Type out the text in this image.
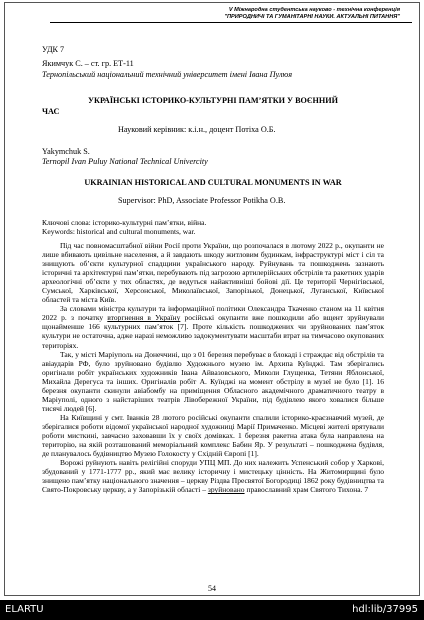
V Міжнародна студентська науково - технічна конференція
"ПРИРОДНИЧІ ТА ГУМАНІТАРНІ НАУКИ. АКТУАЛЬНІ ПИТАННЯ"
УДК 7
Якимчук С. – ст. гр. ЕТ-11
Тернопільський національний технічний університет імені Івана Пулюя
УКРАЇНСЬКІ ІСТОРИКО-КУЛЬТУРНІ ПАМ’ЯТКИ У ВОЄННИЙ
ЧАС
Науковий керівник: к.і.н., доцент Потіха О.Б.
Yakymchuk S.
Ternopil Ivan Puluy National Technical Univercity
UKRAINIAN HISTORICAL AND CULTURAL MONUMENTS IN WAR
Supervisor: PhD, Associate Professor Potikha O.B.
Ключові слова: історико-культурні пам’ятки, війна.
Keywords: historical and cultural monuments, war.

Під час повномасштабної війни Росії проти України, що розпочалася в лютому 2022 р., окупанти не лише вбивають цивільне населення, а й завдають шкоду житловим будинкам, інфраструктурі міст і сіл та знищують об’єкти культурної спадщини українського народу. Руйнувань та пошкоджень зазнають історичні та архітектурні пам’ятки, перебувають під загрозою артилерійських обстрілів та ракетних ударів археологічні об’єкти у тих областях, де ведуться найактивніші бойові дії. Це території Чернігівської, Сумської, Харківської, Херсонської, Миколаївської, Запорізької, Донецької, Луганської, Київської областей та міста Київ.

За словами міністра культури та інформаційної політики Олександра Ткаченко станом на 11 квітня 2022 р. з початку вторгнення в Україну російські окупанти вже пошкодили або вщент зруйнували щонайменше 166 культурних пам’яток [7]. Проте кількість пошкоджених чи зруйнованих пам’яток культури не остаточна, адже наразі неможливо задокументувати масштаби втрат на тимчасово окупованих територіях.

Так, у місті Маріуполь на Донеччині, що з 01 березня перебуває в блокаді і страждає від обстрілів та авіаударів РФ, було зруйновано будівлю Художнього музею ім. Архипа Куїнджі. Там зберігались оригінали робіт українських художників Івана Айвазовського, Миколи Глущенка, Тетяни Яблонської, Михайла Дерегуса та інших. Оригіналів робіт А. Куїнджі на момент обстрілу в музеї не було [1]. 16 березня окупанти скинули авіабомбу на приміщення Обласного академічного драматичного театру в Маріуполі, одного з найстаріших театрів Лівобережної України, під будівлею якого ховалися більше тисячі людей [6].

На Київщині у смт. Іванків 28 лютого російські окупанти спалили історико-краєзнавчий музей, де зберігалися роботи відомої української народної художниці Марії Примаченко. Місцеві жителі врятували роботи мисткині, завчасно заховавши їх у своїх домівках. 1 березня ракетна атака була направлена на територію, на якій розташований меморіальний комплекс Бабин Яр. У результаті – пошкоджена будівля, де планувалось будівництво Музею Голокосту у Східній Європі [1].

Ворожі руйнують навіть релігійні споруди УПЦ МП. До них належить Успенський собор у Харкові, збудований у 1771-1777 рр., який має велику історичну і мистецьку цінність. На Житомирщині було знищено пам’ятку національного значення – церкву Різдва Пресвятої Богородиці 1862 року будівництва та Свято-Покровську церкву, а у Запорізькій області – зруйновано православний храм Святого Тихона. 7

54
ELARTU	hdl:lib/37995
